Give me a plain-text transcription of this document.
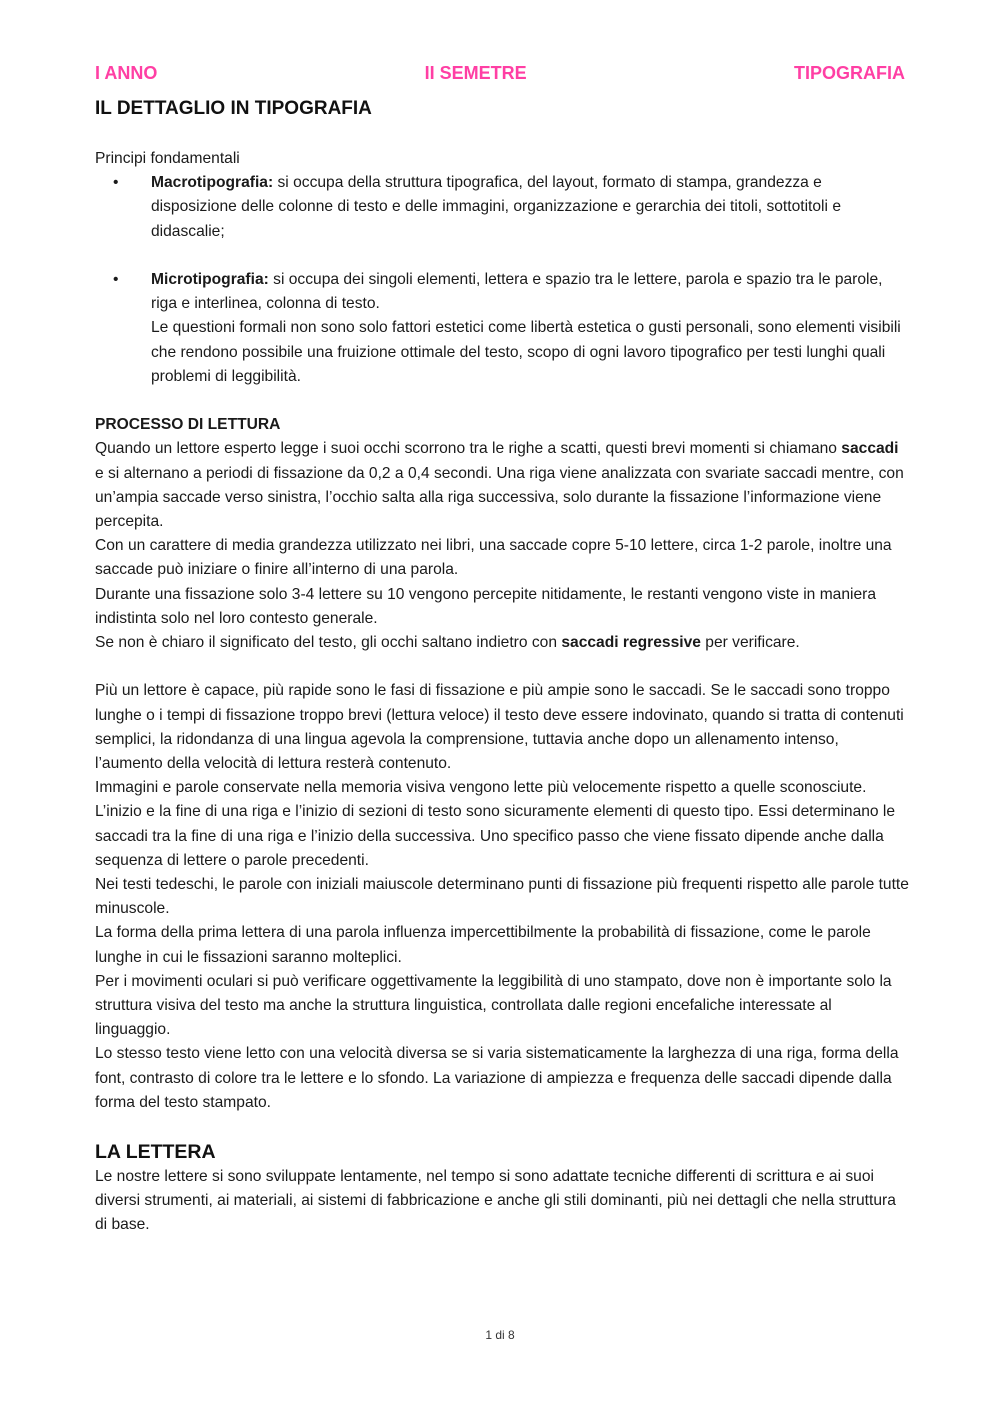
I ANNO	II SEMETRE	TIPOGRAFIA
IL DETTAGLIO IN TIPOGRAFIA

Principi fondamentali

• Macrotipografia: si occupa della struttura tipografica, del layout, formato di stampa, grandezza e disposizione delle colonne di testo e delle immagini, organizzazione e gerarchia dei titoli, sottotitoli e didascalie;
• Microtipografia: si occupa dei singoli elementi, lettera e spazio tra le lettere, parola e spazio tra le parole, riga e interlinea, colonna di testo.

Le questioni formali non sono solo fattori estetici come libertà estetica o gusti personali, sono elementi visibili che rendono possibile una fruizione ottimale del testo, scopo di ogni lavoro tipografico per testi lunghi quali problemi di leggibilità.

PROCESSO DI LETTURA

Quando un lettore esperto legge i suoi occhi scorrono tra le righe a scatti, questi brevi momenti si chiamano saccadi e si alternano a periodi di fissazione da 0,2 a 0,4 secondi. Una riga viene analizzata con svariate saccadi mentre, con un’ampia saccade verso sinistra, l’occhio salta alla riga successiva, solo durante la fissazione l’informazione viene percepita.

Con un carattere di media grandezza utilizzato nei libri, una saccade copre 5-10 lettere, circa 1-2 parole, inoltre una saccade può iniziare o finire all’interno di una parola.

Durante una fissazione solo 3-4 lettere su 10 vengono percepite nitidamente, le restanti vengono viste in maniera indistinta solo nel loro contesto generale.

Se non è chiaro il significato del testo, gli occhi saltano indietro con saccadi regressive per verificare.

Più un lettore è capace, più rapide sono le fasi di fissazione e più ampie sono le saccadi. Se le saccadi sono troppo lunghe o i tempi di fissazione troppo brevi (lettura veloce) il testo deve essere indovinato, quando si tratta di contenuti semplici, la ridondanza di una lingua agevola la comprensione, tuttavia anche dopo un allenamento intenso, l’aumento della velocità di lettura resterà contenuto.

Immagini e parole conservate nella memoria visiva vengono lette più velocemente rispetto a quelle sconosciute.

L’inizio e la fine di una riga e l’inizio di sezioni di testo sono sicuramente elementi di questo tipo. Essi determinano le saccadi tra la fine di una riga e l’inizio della successiva. Uno specifico passo che viene fissato dipende anche dalla sequenza di lettere o parole precedenti.

Nei testi tedeschi, le parole con iniziali maiuscole determinano punti di fissazione più frequenti rispetto alle parole tutte minuscole.

La forma della prima lettera di una parola influenza impercettibilmente la probabilità di fissazione, come le parole lunghe in cui le fissazioni saranno molteplici.

Per i movimenti oculari si può verificare oggettivamente la leggibilità di uno stampato, dove non è importante solo la struttura visiva del testo ma anche la struttura linguistica, controllata dalle regioni encefaliche interessate al linguaggio.

Lo stesso testo viene letto con una velocità diversa se si varia sistematicamente la larghezza di una riga, forma della font, contrasto di colore tra le lettere e lo sfondo. La variazione di ampiezza e frequenza delle saccadi dipende dalla forma del testo stampato.

LA LETTERA

Le nostre lettere si sono sviluppate lentamente, nel tempo si sono adattate tecniche differenti di scrittura e ai suoi diversi strumenti, ai materiali, ai sistemi di fabbricazione e anche gli stili dominanti, più nei dettagli che nella struttura di base.

1 di 8
